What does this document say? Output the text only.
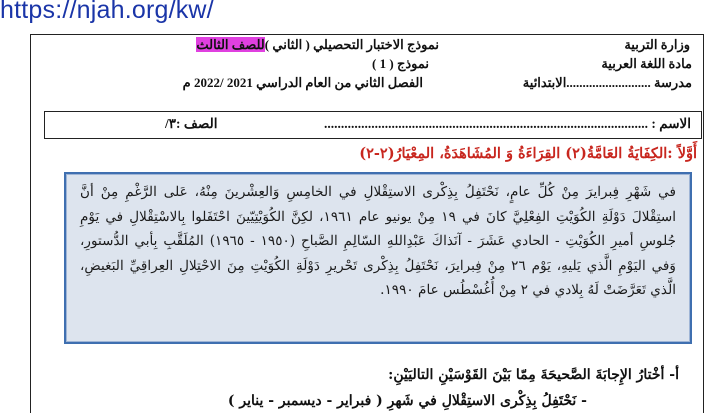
https://njah.org/kw/
وزارة التربية
مادة اللغة العربية
مدرسة ..........................الابتدائية
نموذج الاختبار التحصيلي ( الثاني )للصف الثالث
نموذج ( 1 )
الفصل الثاني من العام الدراسي 2021 /2022 م
الاسم : ................................................................................................
الصف :٣/
أَوَّلاً :الكِفَايَةُ العَامَّةُ(٢) القِرَاءَةُ وَ المُشَاهَدَةُ، المِعْيَارُ(٢-٢)

في شَهْرِ فِبرايرَ مِنْ كُلِّ عامٍ، نَحْتَفِلُ بِذِكْرى الاستِقْلالِ في الخامِسِ وَالعِشْرينَ مِنْهُ، عَلى الرَّغْمِ مِنْ أنَّ استِقْلالَ دَوْلَةِ الكُوَيْتِ الفِعْلِيَّ كانَ في ١٩ مِنْ يونيو عام ١٩٦١، لكِنَّ الكُوَيْتِيّينَ احْتَفَلوا بِالاسْتِقْلالِ في يَوْمِ جُلوسِ أميرِ الكُوَيْتِ - الحادي عَشَرَ - آنَذاكَ عَبْدِاللهِ السّالِمِ الصَّباحِ (١٩٥٠ - ١٩٦٥) المُلَقَّبِ بِأبي الدُّستورِ، وَفي اليَوْمِ الَّذي يَليهِ، يَوْم ٢٦ مِنْ فِبرايرَ، نَحْتَفِلُ بِذِكْرى تَحْريرِ دَوْلَةِ الكُوَيْتِ مِنَ الاحْتِلالِ العِراقِيِّ البَغيضِ، الَّذي تَعَرَّضَتْ لَهُ بِلادي في ٢ مِنْ أُغُسْطُس عامَ ١٩٩٠.

أ- أخْتارُ الإِجابَةَ الصَّحيحَةَ مِمّا بَيْنَ القَوْسَيْنِ التاليَيْنِ:
- نَحْتَفِلُ بِذِكْرى الاستِقْلالِ في شَهرِ ( فبراير - ديسمبر - يناير )
